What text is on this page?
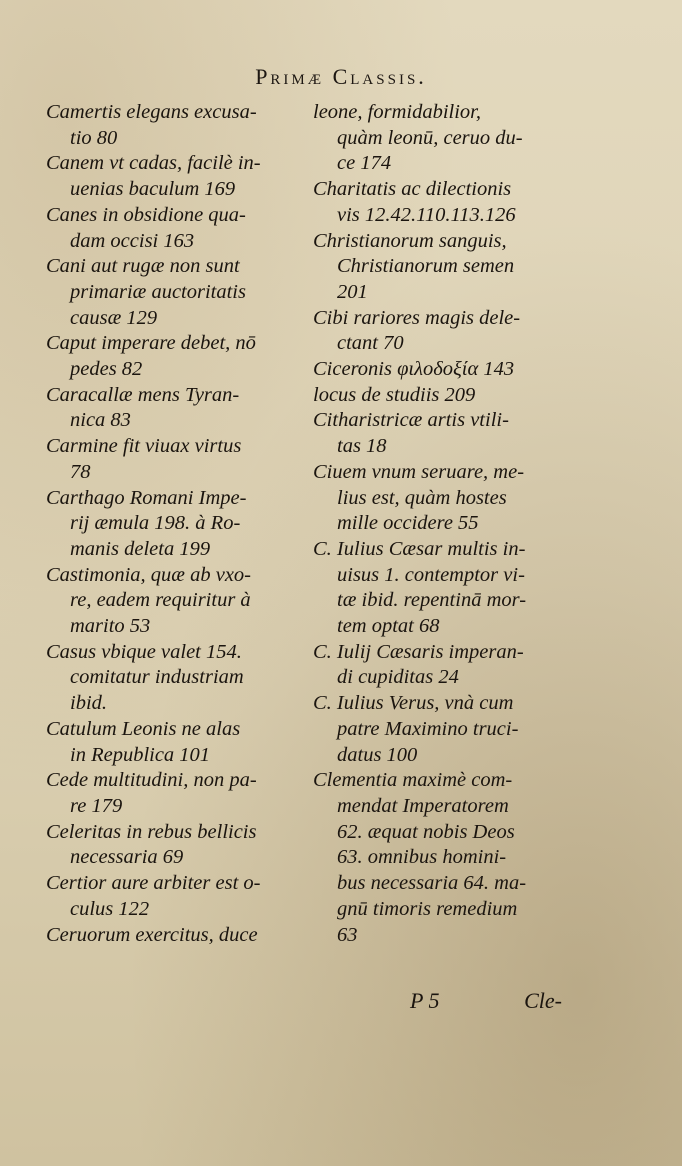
Primæ Classis.
Camertis elegans excusa-
tio 80
Canem vt cadas, facilè in-
uenias baculum 169
Canes in obsidione qua-
dam occisi 163
Cani aut rugæ non sunt
primariæ auctoritatis
causæ 129
Caput imperare debet, nō
pedes 82
Caracallæ mens Tyran-
nica 83
Carmine fit viuax virtus
78
Carthago Romani Impe-
rij æmula 198. à Ro-
manis deleta 199
Castimonia, quæ ab vxo-
re, eadem requiritur à
marito 53
Casus vbique valet 154.
comitatur industriam
ibid.
Catulum Leonis ne alas
in Republica 101
Cede multitudini, non pa-
re 179
Celeritas in rebus bellicis
necessaria 69
Certior aure arbiter est o-
culus 122
Ceruorum exercitus, duce
leone, formidabilior,
quàm leonū, ceruo du-
ce 174
Charitatis ac dilectionis
vis 12.42.110.113.126
Christianorum sanguis,
Christianorum semen
201
Cibi rariores magis dele-
ctant 70
Ciceronis φιλοδοξία 143
locus de studiis 209
Citharistricæ artis vtili-
tas 18
Ciuem vnum seruare, me-
lius est, quàm hostes
mille occidere 55
C. Iulius Cæsar multis in-
uisus 1. contemptor vi-
tæ ibid. repentinā mor-
tem optat 68
C. Iulij Cæsaris imperan-
di cupiditas 24
C. Iulius Verus, vnà cum
patre Maximino truci-
datus 100
Clementia maximè com-
mendat Imperatorem
62. æquat nobis Deos
63. omnibus homini-
bus necessaria 64. ma-
gnū timoris remedium
63
P 5	Cle-
